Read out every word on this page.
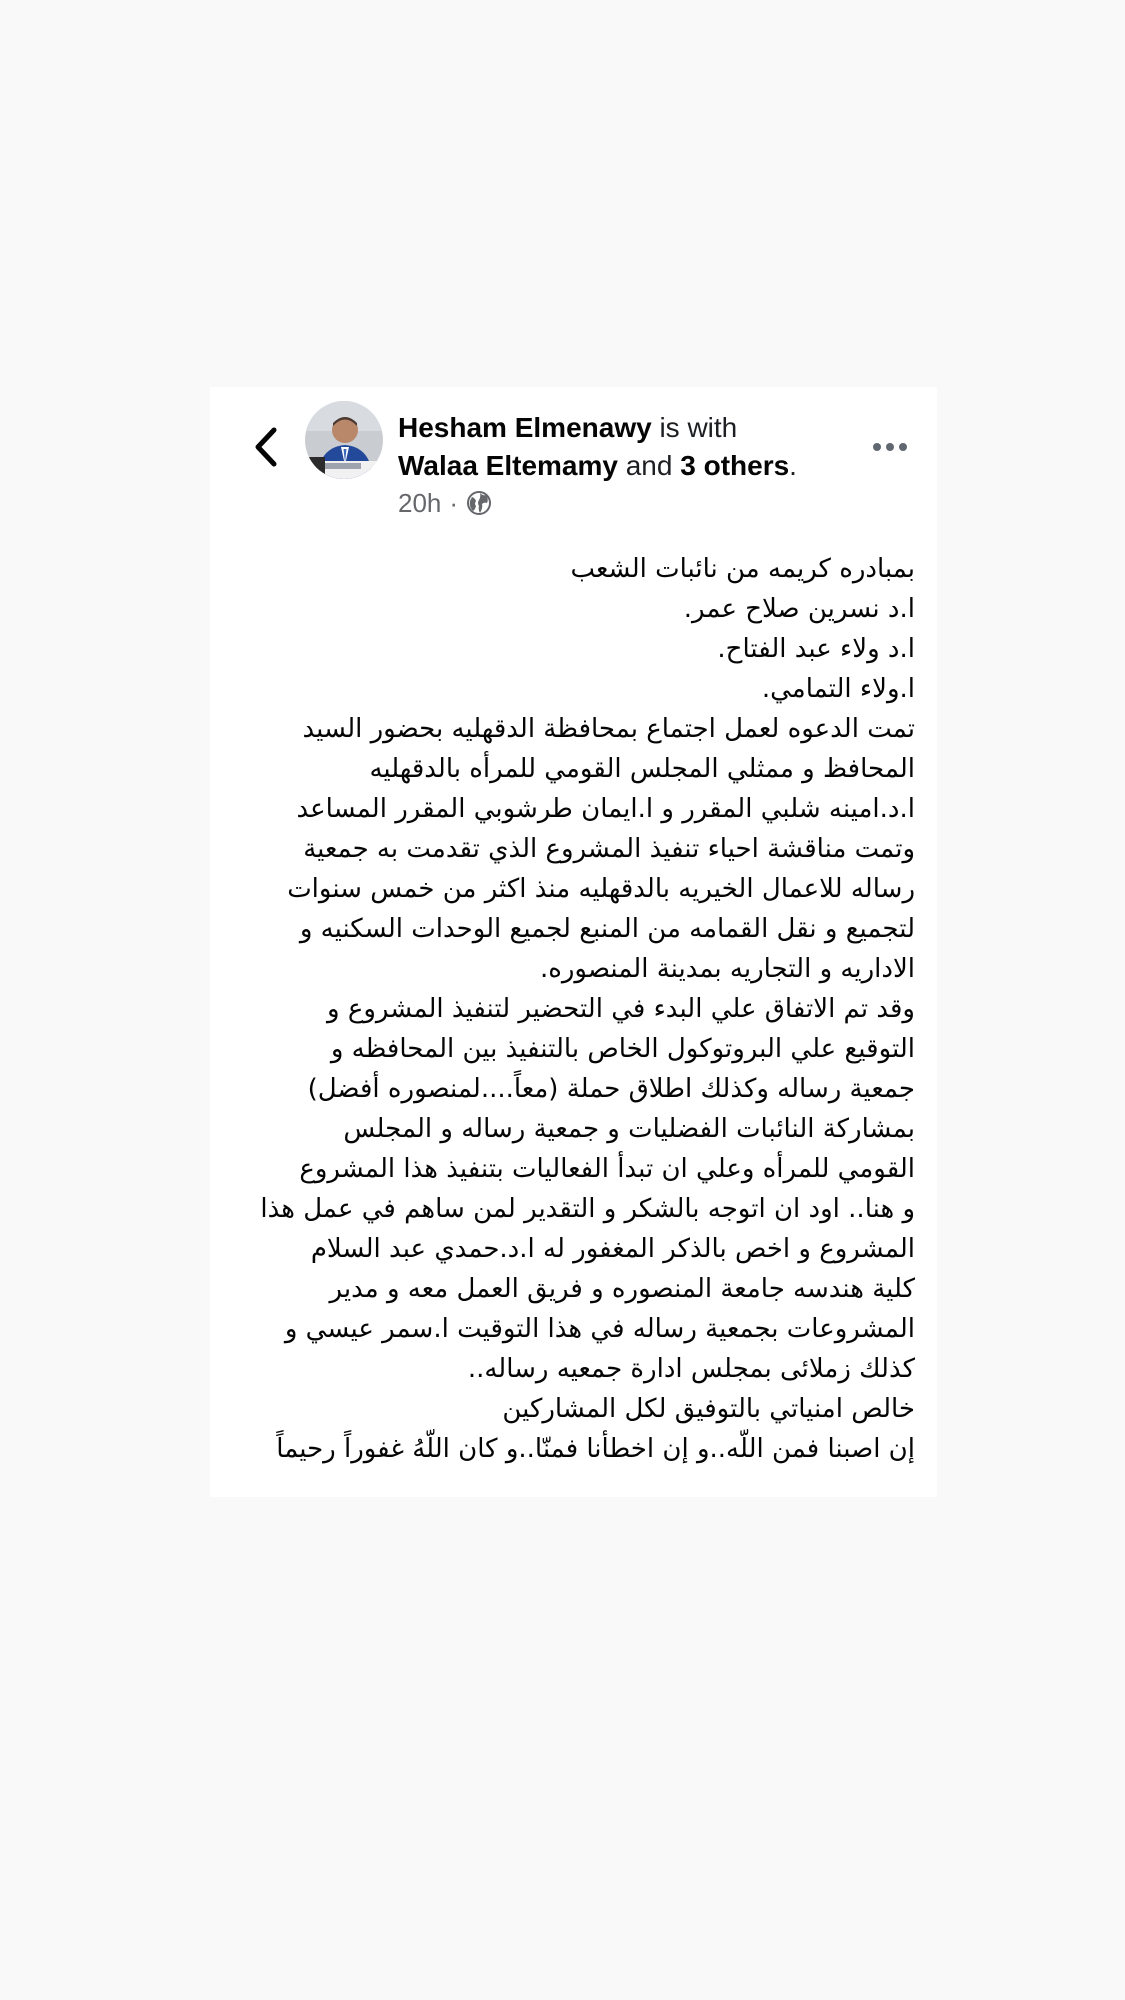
Hesham Elmenawy is with
Walaa Eltemamy and 3 others.
20h ·
بمبادره كريمه من نائبات الشعب
ا.د نسرين صلاح عمر.
ا.د ولاء عبد الفتاح.
ا.ولاء التمامي.
تمت الدعوه لعمل اجتماع بمحافظة الدقهليه بحضور السيد
المحافظ و ممثلي المجلس القومي للمرأه بالدقهليه
ا.د.امينه شلبي المقرر و ا.ايمان طرشوبي المقرر المساعد
وتمت مناقشة احياء تنفيذ المشروع الذي تقدمت به جمعية
رساله للاعمال الخيريه بالدقهليه منذ اكثر من خمس سنوات
لتجميع و نقل القمامه من المنبع لجميع الوحدات السكنيه و
الاداريه و التجاريه بمدينة المنصوره.
وقد تم الاتفاق علي البدء في التحضير لتنفيذ المشروع و
التوقيع علي البروتوكول الخاص بالتنفيذ بين المحافظه و
جمعية رساله وكذلك اطلاق حملة (معاً....لمنصوره أفضل)
بمشاركة النائبات الفضليات و جمعية رساله و المجلس
القومي للمرأه وعلي ان تبدأ الفعاليات بتنفيذ هذا المشروع
و هنا.. اود ان اتوجه بالشكر و التقدير لمن ساهم في عمل هذا
المشروع و اخص بالذكر المغفور له ا.د.حمدي عبد السلام
كلية هندسه جامعة المنصوره و فريق العمل معه و مدير
المشروعات بجمعية رساله في هذا التوقيت ا.سمر عيسي و
كذلك زملائى بمجلس ادارة جمعيه رساله..
خالص امنياتي بالتوفيق لكل المشاركين
إن اصبنا فمن اللّه..و إن اخطأنا فمنّا..و كان اللّهُ غفوراً رحيماً
